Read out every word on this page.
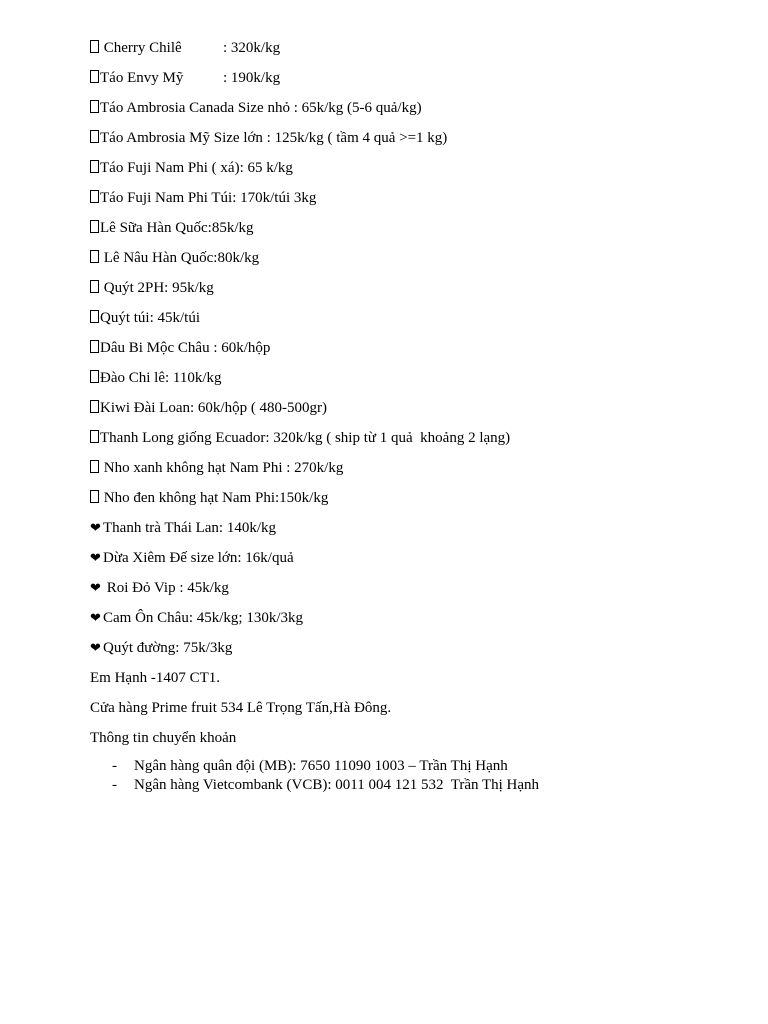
Cherry Chilê	: 320k/kg
Táo Envy Mỹ	: 190k/kg
Táo Ambrosia Canada Size nhỏ : 65k/kg (5-6 quả/kg)
Táo Ambrosia Mỹ Size lớn : 125k/kg ( tầm 4 quả >=1 kg)
Táo Fuji Nam Phi ( xá): 65 k/kg
Táo Fuji Nam Phi Túi: 170k/túi 3kg
Lê Sữa Hàn Quốc:85k/kg
Lê Nâu Hàn Quốc:80k/kg
Quýt 2PH: 95k/kg
Quýt túi: 45k/túi
Dâu Bi Mộc Châu : 60k/hộp
Đào Chi lê: 110k/kg
Kiwi Đài Loan: 60k/hộp ( 480-500gr)
Thanh Long giống Ecuador: 320k/kg ( ship từ 1 quả  khoảng 2 lạng)
Nho xanh không hạt Nam Phi : 270k/kg
Nho đen không hạt Nam Phi:150k/kg
❤ Thanh trà Thái Lan: 140k/kg
❤ Dừa Xiêm Đế size lớn: 16k/quả
❤ Roi Đỏ Vip : 45k/kg
❤ Cam Ôn Châu: 45k/kg; 130k/3kg
❤ Quýt đường: 75k/3kg
Em Hạnh -1407 CT1.
Cửa hàng Prime fruit 534 Lê Trọng Tấn,Hà Đông.
Thông tin chuyển khoản
- Ngân hàng quân đội (MB): 7650 11090 1003 – Trần Thị Hạnh
- Ngân hàng Vietcombank (VCB): 0011 004 121 532  Trần Thị Hạnh
